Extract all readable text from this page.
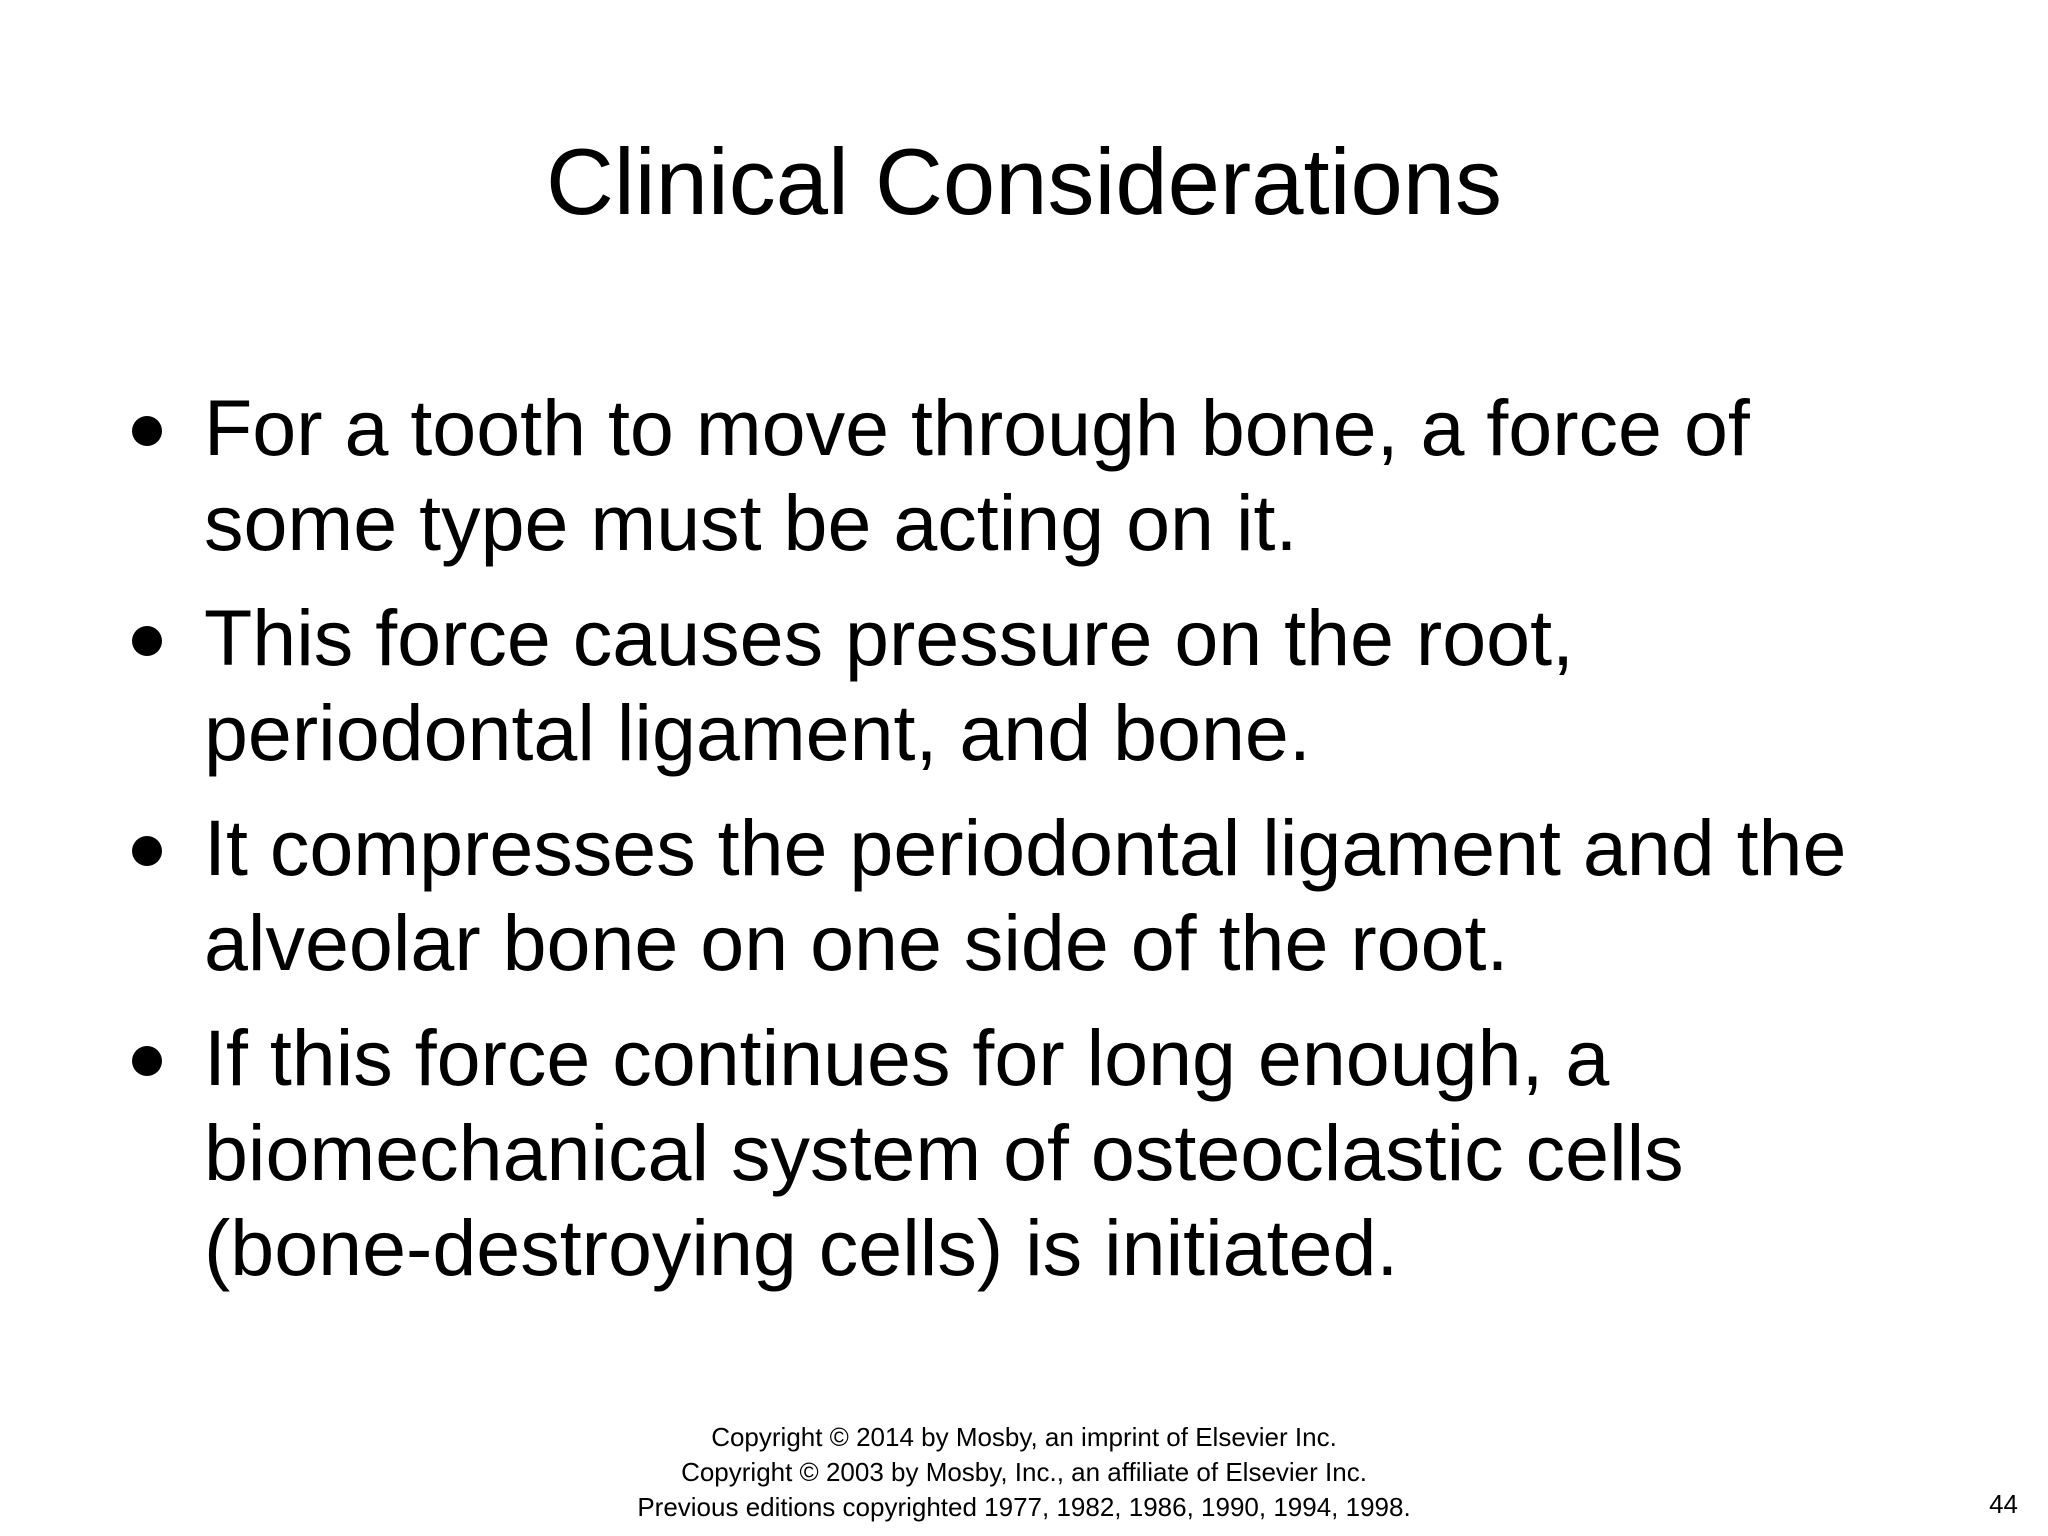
Clinical Considerations
For a tooth to move through bone, a force of some type must be acting on it.
This force causes pressure on the root, periodontal ligament, and bone.
It compresses the periodontal ligament and the alveolar bone on one side of the root.
If this force continues for long enough, a biomechanical system of osteoclastic cells (bone-destroying cells) is initiated.
Copyright © 2014 by Mosby, an imprint of Elsevier Inc.
Copyright © 2003 by Mosby, Inc., an affiliate of Elsevier Inc.
Previous editions copyrighted 1977, 1982, 1986, 1990, 1994, 1998.	44
